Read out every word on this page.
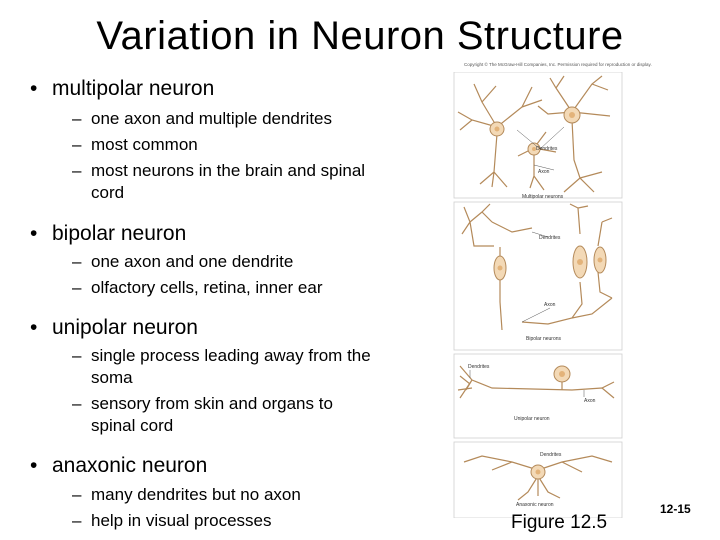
Variation in Neuron Structure
Copyright © The McGraw-Hill Companies, Inc. Permission required for reproduction or display.
• multipolar neuron
– one axon and multiple dendrites
– most common
– most neurons in the brain and spinal
cord
• bipolar neuron
– one axon and one dendrite
– olfactory cells, retina, inner ear
• unipolar neuron
– single process leading away from the
soma
– sensory from skin and organs to
spinal cord
• anaxonic neuron
– many dendrites but no axon
– help in visual processes
Dendrites
Axon
Multipolar neurons
Dendrites
Axon
Bipolar neurons
Dendrites
Axon
Unipolar neuron
Dendrites
Anaxonic neuron
Figure 12.5
12-15
